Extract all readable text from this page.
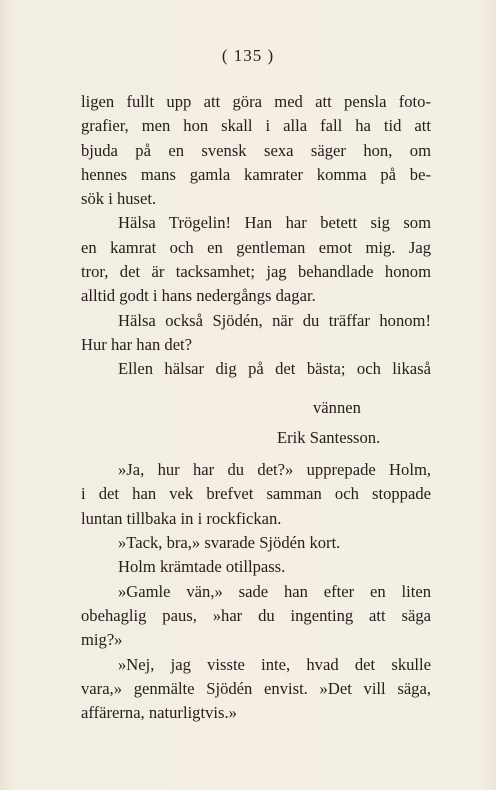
( 135 )
ligen fullt upp att göra med att pensla foto-
grafier, men hon skall i alla fall ha tid att
bjuda på en svensk sexa säger hon, om
hennes mans gamla kamrater komma på be-
sök i huset.
Hälsa Trögelin! Han har betett sig som
en kamrat och en gentleman emot mig. Jag
tror, det är tacksamhet; jag behandlade honom
alltid godt i hans nedergångs dagar.
Hälsa också Sjödén, när du träffar honom!
Hur har han det?
Ellen hälsar dig på det bästa; och likaså
vännen
Erik Santesson.
»Ja, hur har du det?» upprepade Holm,
i det han vek brefvet samman och stoppade
luntan tillbaka in i rockfickan.
»Tack, bra,» svarade Sjödén kort.
Holm krämtade otillpass.
»Gamle vän,» sade han efter en liten
obehaglig paus, »har du ingenting att säga
mig?»
»Nej, jag visste inte, hvad det skulle
vara,» genmälte Sjödén envist. »Det vill säga,
affärerna, naturligtvis.»
